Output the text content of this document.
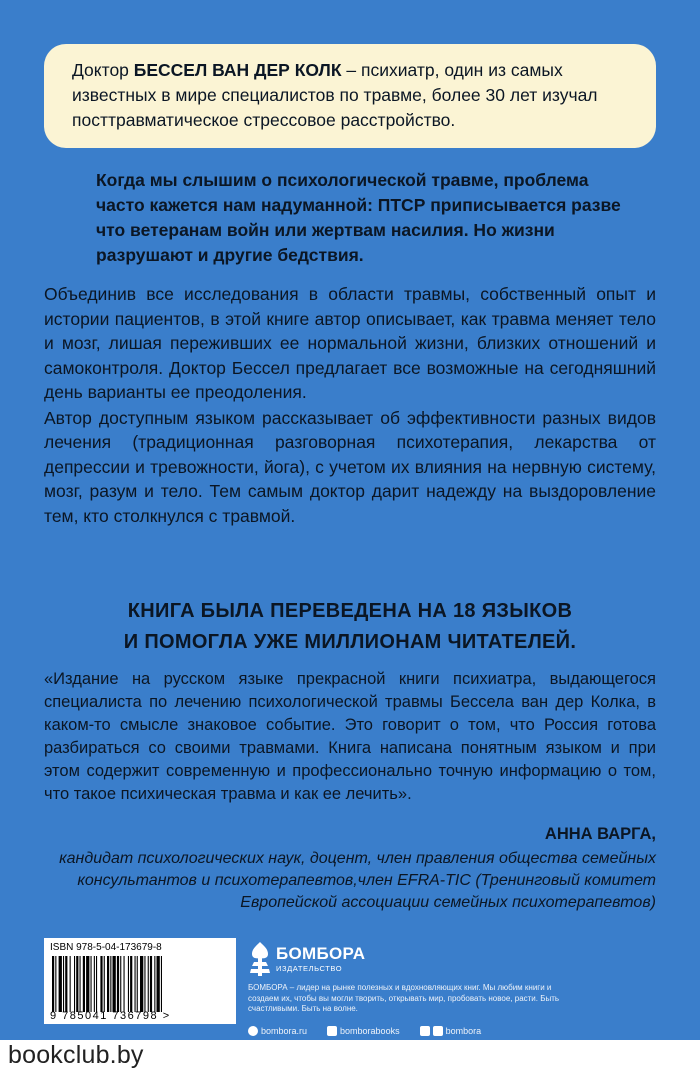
Доктор БЕССЕЛ ВАН ДЕР КОЛК – психиатр, один из самых известных в мире специалистов по травме, более 30 лет изучал посттравматическое стрессовое расстройство.
Когда мы слышим о психологической травме, проблема часто кажется нам надуманной: ПТСР приписывается разве что ветеранам войн или жертвам насилия. Но жизни разрушают и другие бедствия.

Объединив все исследования в области травмы, собственный опыт и истории пациентов, в этой книге автор описывает, как травма меняет тело и мозг, лишая переживших ее нормальной жизни, близких отношений и самоконтроля. Доктор Бессел предлагает все возможные на сегодняшний день варианты ее преодоления.

Автор доступным языком рассказывает об эффективности разных видов лечения (традиционная разговорная психотерапия, лекарства от депрессии и тревожности, йога), с учетом их влияния на нервную систему, мозг, разум и тело. Тем самым доктор дарит надежду на выздоровление тем, кто столкнулся с травмой.

КНИГА БЫЛА ПЕРЕВЕДЕНА НА 18 ЯЗЫКОВ
И ПОМОГЛА УЖЕ МИЛЛИОНАМ ЧИТАТЕЛЕЙ.
«Издание на русском языке прекрасной книги психиатра, выдающегося специалиста по лечению психологической травмы Бессела ван дер Колка, в каком-то смысле знаковое событие. Это говорит о том, что Россия готова разбираться со своими травмами. Книга написана понятным языком и при этом содержит современную и профессионально точную информацию о том, что такое психическая травма и как ее лечить».
АННА ВАРГА,
кандидат психологических наук, доцент, член правления общества семейных консультантов и психотерапевтов,член EFRA-TIC (Тренинговый комитет Европейской ассоциации семейных психотерапевтов)
ISBN 978-5-04-173679-8
9 785041 736798 >
БОМБОРА
ИЗДАТЕЛЬСТВО
БОМБОРА – лидер на рынке полезных и вдохновляющих книг. Мы любим книги и создаем их, чтобы вы могли творить, открывать мир, пробовать новое, расти. Быть счастливыми. Быть на волне.
bombora.ru	bomborabooks	bombora
bookclub.by
